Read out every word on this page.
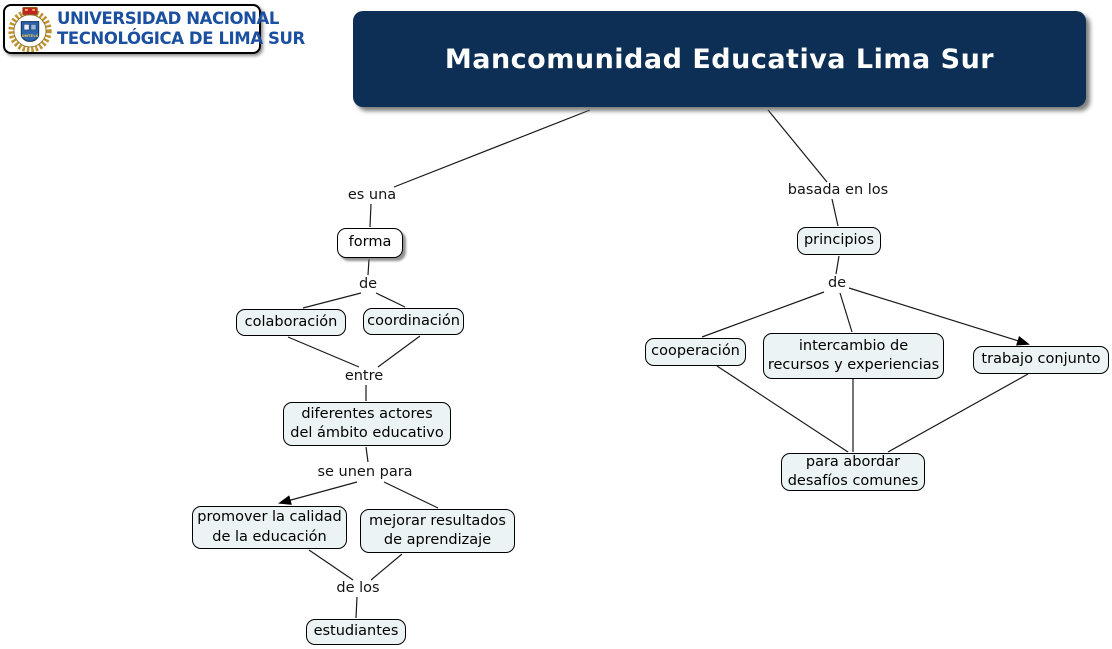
UNTELS
UNIVERSIDAD NACIONAL
TECNOLÓGICA DE LIMA SUR
Mancomunidad Educativa Lima Sur
forma
colaboración coordinación
diferentes actores
del ámbito educativo
promover la calidad
de la educación
mejorar resultados
de aprendizaje
estudiantes
principios
cooperación	intercambio de
recursos y experiencias	trabajo conjunto
para abordar
desafíos comunes
es una
de
entre
se unen para
de los
basada en los
de
